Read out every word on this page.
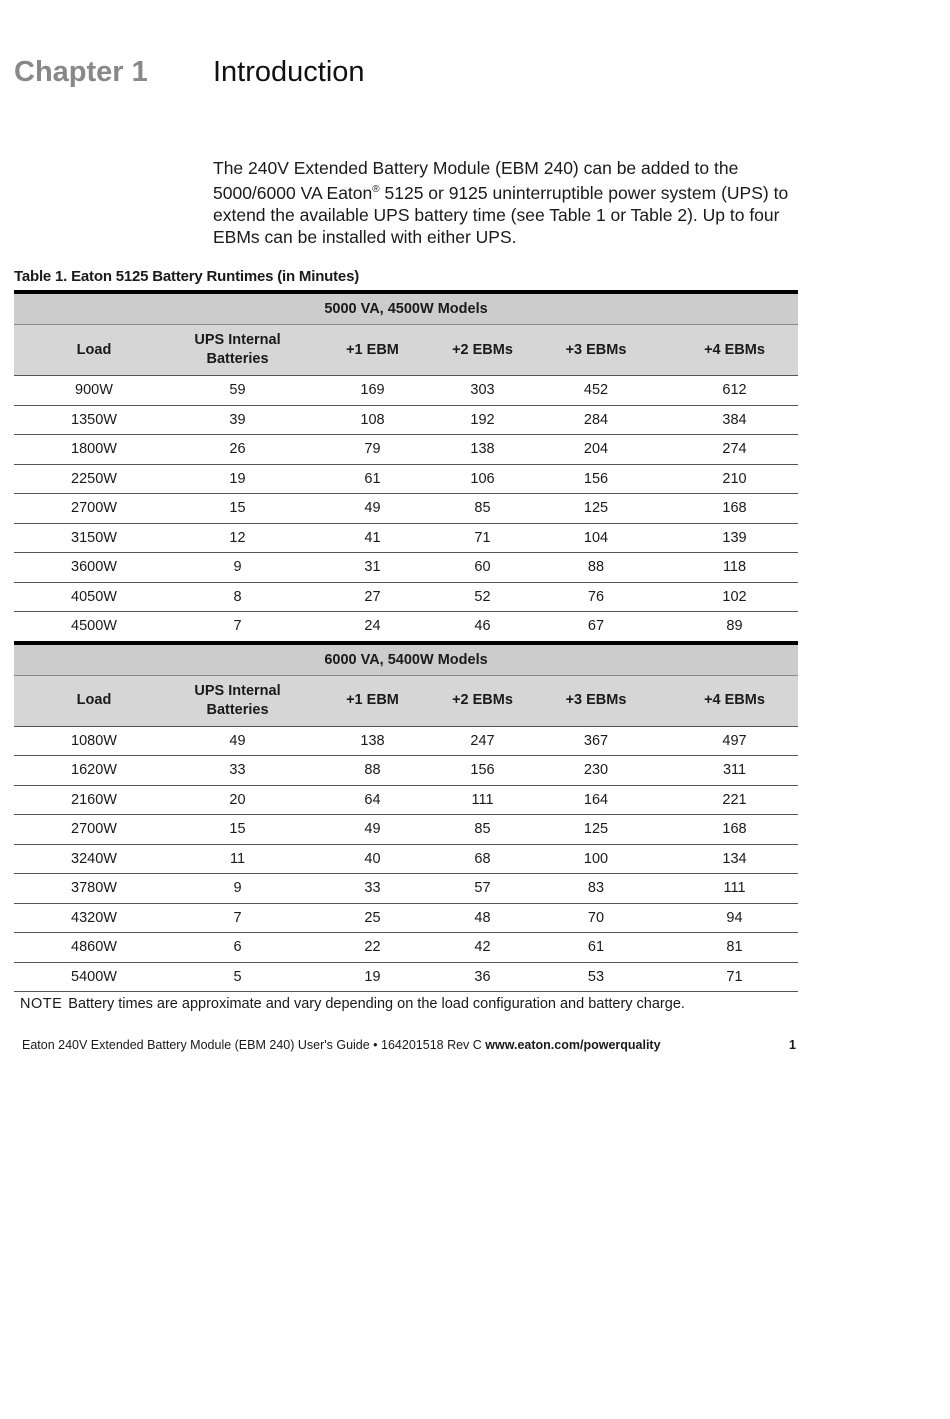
Chapter 1 Introduction

The 240V Extended Battery Module (EBM 240) can be added to the 5000/6000 VA Eaton® 5125 or 9125 uninterruptible power system (UPS) to extend the available UPS battery time (see Table 1 or Table 2). Up to four EBMs can be installed with either UPS.

Table 1. Eaton 5125 Battery Runtimes (in Minutes)
5000 VA, 4500W Models					
Load	UPS Internal Batteries	+1 EBM	+2 EBMs	+3 EBMs	+4 EBMs
900W	59	169	303	452	612
1350W	39	108	192	284	384
1800W	26	79	138	204	274
2250W	19	61	106	156	210
2700W	15	49	85	125	168
3150W	12	41	71	104	139
3600W	9	31	60	88	118
4050W	8	27	52	76	102
4500W	7	24	46	67	89
6000 VA, 5400W Models					
Load	UPS Internal Batteries	+1 EBM	+2 EBMs	+3 EBMs	+4 EBMs
1080W	49	138	247	367	497
1620W	33	88	156	230	311
2160W	20	64	111	164	221
2700W	15	49	85	125	168
3240W	11	40	68	100	134
3780W	9	33	57	83	111
4320W	7	25	48	70	94
4860W	6	22	42	61	81
5400W	5	19	36	53	71
NOTE Battery times are approximate and vary depending on the load configuration and battery charge.
Eaton 240V Extended Battery Module (EBM 240) User's Guide • 164201518 Rev C www.eaton.com/powerquality	1
